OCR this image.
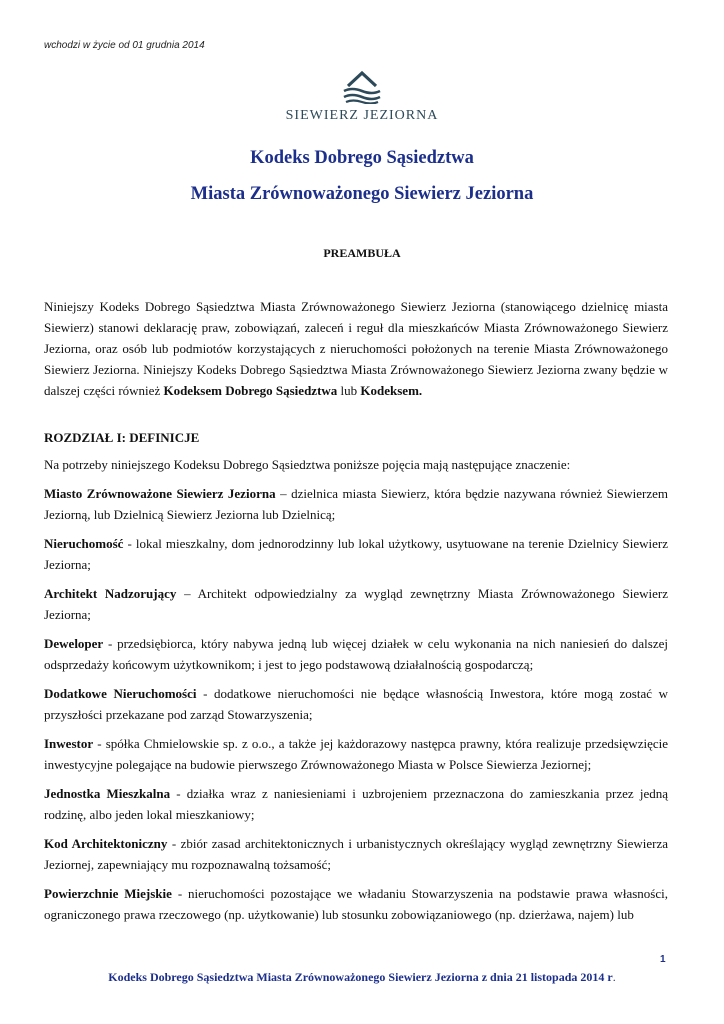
wchodzi w życie od 01 grudnia 2014
SIEWIERZ JEZIORNA
Kodeks Dobrego Sąsiedztwa
Miasta Zrównoważonego Siewierz Jeziorna
PREAMBUŁA

Niniejszy Kodeks Dobrego Sąsiedztwa Miasta Zrównoważonego Siewierz Jeziorna (stanowiącego dzielnicę miasta Siewierz) stanowi deklarację praw, zobowiązań, zaleceń i reguł dla mieszkańców Miasta Zrównoważonego Siewierz Jeziorna, oraz osób lub podmiotów korzystających z nieruchomości położonych na terenie Miasta Zrównoważonego Siewierz Jeziorna. Niniejszy Kodeks Dobrego Sąsiedztwa Miasta Zrównoważonego Siewierz Jeziorna zwany będzie w dalszej części również Kodeksem Dobrego Sąsiedztwa lub Kodeksem.

ROZDZIAŁ I: DEFINICJE

Na potrzeby niniejszego Kodeksu Dobrego Sąsiedztwa poniższe pojęcia mają następujące znaczenie:

Miasto Zrównoważone Siewierz Jeziorna – dzielnica miasta Siewierz, która będzie nazywana również Siewierzem Jeziorną, lub Dzielnicą Siewierz Jeziorna lub Dzielnicą;

Nieruchomość - lokal mieszkalny, dom jednorodzinny lub lokal użytkowy, usytuowane na terenie Dzielnicy Siewierz Jeziorna;

Architekt Nadzorujący – Architekt odpowiedzialny za wygląd zewnętrzny Miasta Zrównoważonego Siewierz Jeziorna;

Deweloper - przedsiębiorca, który nabywa jedną lub więcej działek w celu wykonania na nich naniesień do dalszej odsprzedaży końcowym użytkownikom; i jest to jego podstawową działalnością gospodarczą;

Dodatkowe Nieruchomości - dodatkowe nieruchomości nie będące własnością Inwestora, które mogą zostać w przyszłości przekazane pod zarząd Stowarzyszenia;

Inwestor - spółka Chmielowskie sp. z o.o., a także jej każdorazowy następca prawny, która realizuje przedsięwzięcie inwestycyjne polegające na budowie pierwszego Zrównoważonego Miasta w Polsce Siewierza Jeziornej;

Jednostka Mieszkalna - działka wraz z naniesieniami i uzbrojeniem przeznaczona do zamieszkania przez jedną rodzinę, albo jeden lokal mieszkaniowy;

Kod Architektoniczny - zbiór zasad architektonicznych i urbanistycznych określający wygląd zewnętrzny Siewierza Jeziornej, zapewniający mu rozpoznawalną tożsamość;

Powierzchnie Miejskie - nieruchomości pozostające we władaniu Stowarzyszenia na podstawie prawa własności, ograniczonego prawa rzeczowego (np. użytkowanie) lub stosunku zobowiązaniowego (np. dzierżawa, najem) lub

1
Kodeks Dobrego Sąsiedztwa Miasta Zrównoważonego Siewierz Jeziorna z dnia 21 listopada 2014 r.
